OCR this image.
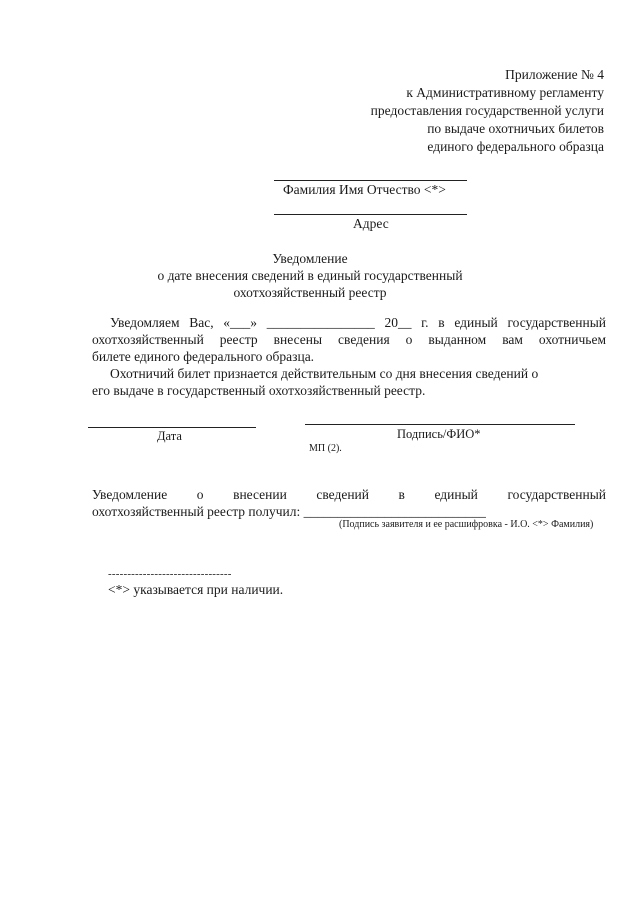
Приложение № 4
к Административному регламенту
предоставления государственной услуги
по выдаче охотничьих билетов
единого федерального образца
Фамилия Имя Отчество <*>
Адрес
Уведомление
о дате внесения сведений в единый государственный
охотхозяйственный реестр
Уведомляем Вас, «___» ________________ 20__ г. в единый государственный
охотхозяйственный реестр внесены сведения о выданном вам охотничьем
билете единого федерального образца.
Охотничий билет признается действительным со дня внесения сведений о
его выдаче в государственный охотхозяйственный реестр.
Дата	Подпись/ФИО*
МП (2).
Уведомление о внесении сведений в единый государственный
охотхозяйственный реестр получил: ___________________________
(Подпись заявителя и ее расшифровка - И.О. <*> Фамилия)
--------------------------------
<*> указывается при наличии.
